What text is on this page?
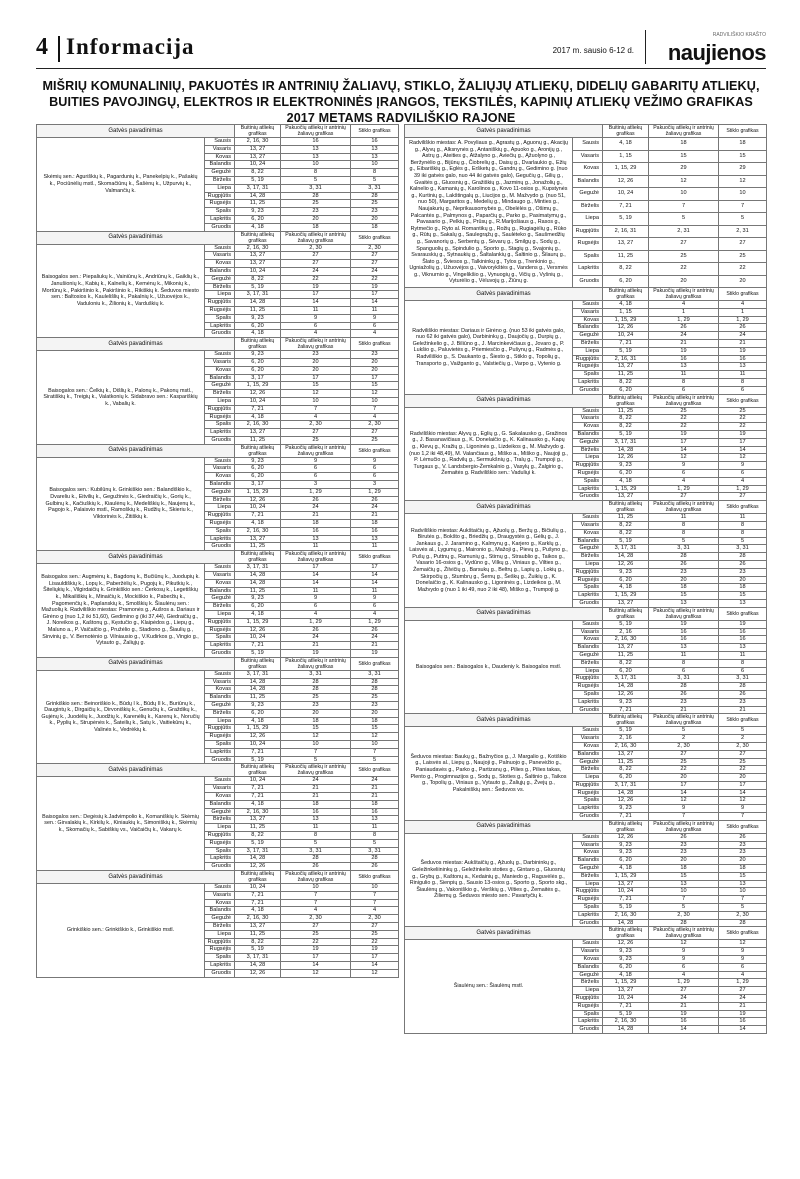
4 Informacija	2017 m. sausio 6-12 d.
RADVILIŠKIO KRAŠTO
naujienos
MIŠRIŲ KOMUNALINIŲ, PAKUOTĖS IR ANTRINIŲ ŽALIAVŲ, STIKLO, ŽALIŲJŲ ATLIEKŲ, DIDELIŲ GABARITŲ ATLIEKŲ, BUITIES PAVOJINGŲ, ELEKTROS IR ELEKTRONINĖS ĮRANGOS, TEKSTILĖS, KAPINIŲ ATLIEKŲ VEŽIMO GRAFIKAS 2017 METAMS RADVILIŠKIO RAJONE
Gatvės pavadinimas		Buitinių atliekų grafikas	Pakuočių atliekų ir antrinių žaliavų grafikas	Stiklo grafikas
Skėmių sen.: Aguriškių k., Pagardunių k., Panekelpių k., Pašakių k., Pociūnėlių mstl., Skomačiūnų k., Šašėnų k., Užpurvių k., Valmančių k.	Sausis	2, 16, 30	16	16
	Vasaris	13, 27	13	13
	Kovas	13, 27	13	13
	Balandis	10, 24	10	10
	Gegužė	8, 22	8	8
	Birželis	5, 19	5	5
	Liepa	3, 17, 31	3, 31	3, 31
	Rugpjūtis	14, 28	28	28
	Rugsėjis	11, 25	25	25
	Spalis	9, 23	23	23
	Lapkritis	6, 20	20	20
	Gruodis	4, 18	18	18
Gatvės pavadinimas		Buitinių atliekų grafikas	Pakuočių atliekų ir antrinių žaliavų grafikas	Stiklo grafikas
Baisogalos sen.: Piepaliukų k., Vainiūnų k., Andriūnų k., Gaiklių k., Janušionių k., Kabių k., Kalnelių k., Kemėnų k., Mikonių k., Mortūnų k., Pakiršinio k., Pakiršinio k., Rikiškių k. Šeduvos miesto sen.: Baltosios k., Kaulelišlių k., Pakalnių k., Užuovėjos k., Vaduloniu k., Žilionių k., Varduškių k.	Sausis	2, 16, 30	2, 30	2, 30
	Vasaris	13, 27	27	27
	Kovas	13, 27	27	27
	Balandis	10, 24	24	24
	Gegužė	8, 22	22	22
	Birželis	5, 19	19	19
	Liepa	3, 17, 31	17	17
	Rugpjūtis	14, 28	14	14
	Rugsėjis	11, 25	11	11
	Spalis	9, 23	9	9
	Lapkritis	6, 20	6	6
	Gruodis	4, 18	4	4
Gatvės pavadinimas		Buitinių atliekų grafikas	Pakuočių atliekų ir antrinių žaliavų grafikas	Stiklo grafikas
Baisogalos sen.: Čelkių k., Dišlių k., Palonų k., Pakonų mstl., Siratiškių k., Treigių k., Valatkonių k. Sidabravo sen.: Kaspariškių k., Vabalių k.	Sausis	9, 23	23	23
	Vasaris	6, 20	20	20
	Kovas	6, 20	20	20
	Balandis	3, 17	17	17
	Gegužė	1, 15, 29	15	15
	Birželis	12, 26	12	12
	Liepa	10, 24	10	10
	Rugpjūtis	7, 21	7	7
	Rugsėjis	4, 18	4	4
	Spalis	2, 16, 30	2, 30	2, 30
	Lapkritis	13, 27	27	27
	Gruodis	11, 25	25	25
Gatvės pavadinimas		Buitinių atliekų grafikas	Pakuočių atliekų ir antrinių žaliavų grafikas	Stiklo grafikas
Baisogalos sen.: Kubilūnų k. Grinkiškio sen.: Balandiškio k., Dvareliu k., Eitvilių k., Gegužinės k., Giedraičių k., Gorių k., Gulbinų k., Kačiuškių k., Kiaulėnų k., Medeliškių k., Naujenų k., Pagojo k., Palaisvio mstl., Ramoškių k., Rudžių k., Skieriu k., Viktorinės k., Žitiškių k.	Sausis	9, 23	9	9
	Vasaris	6, 20	6	6
	Kovas	6, 20	6	6
	Balandis	3, 17	3	3
	Gegužė	1, 15, 29	1, 29	1, 29
	Birželis	12, 26	26	26
	Liepa	10, 24	24	24
	Rugpjūtis	7, 21	21	21
	Rugsėjis	4, 18	18	18
	Spalis	2, 16, 30	16	16
	Lapkritis	13, 27	13	13
	Gruodis	11, 25	11	11
Gatvės pavadinimas		Buitinių atliekų grafikas	Pakuočių atliekų ir antrinių žaliavų grafikas	Stiklo grafikas
Baisogalos sen.: Augmėnų k., Bagdonų k., Bučiūnų k., Juodupių k. Lisauldiškių k., Lopų k., Paberžėlių k., Pugojų k., Pikutkių k., Šiteliųkių k., Vilgirdaičių k. Grinkiškio sen.: Čerkosų k., Legetiškių k., Mikailiškių k., Minaičių k., Mockiškio k., Paberžių k., Pagomenčių k., Paplanskių k., Smolškių k. Šiaulėnų sen.: Mažuolių k. Radviliškio miestas: Pramonės g., Aušros a. Dariaus ir Girėno g (nuo 1,2 iki 51,60), Gedimino g (iki 37,44), Giedraičių g., J. Noreikos g., Kaštonų g., Kęstučio g., Klaipėdos g., Liepų g., Maluno a., P. Vaičaičio g., Pružėlio g., Stadiono g., Šiaulių g., Sinvinių g., V. Bernotėnio g. Vilniausio g., V.Kudirkos g., Vingio g., Vytauto g., Žaliųjų g.	Sausis	3, 17, 31	17	17
	Vasaris	14, 28	14	14
	Kovas	14, 28	14	14
	Balandis	11, 25	11	11
	Gegužė	9, 23	9	9
	Birželis	6, 20	6	6
	Liepa	4, 18	4	4
	Rugpjūtis	1, 15, 29	1, 29	1, 29
	Rugsėjis	12, 26	26	26
	Spalis	10, 24	24	24
	Lapkritis	7, 21	21	21
	Gruodis	5, 19	19	19
Gatvės pavadinimas		Buitinių atliekų grafikas	Pakuočių atliekų ir antrinių žaliavų grafikas	Stiklo grafikas
Grinkiškio sen.: Beinoriškio k., Būdų I k., Būdų II k., Buriūnų k., Daugintų k., Dirgaičių k., Dirvoniškių k., Genučių k., Graždikų k., Gujėnų k., Juodėlių k., Juodžių k., Karenėlių k., Karenų k., Noručių k., Pyplių k., Strupėnės k., Šateilių k., Satų k., Vaitiekūnų k., Valinės k., Vedrėkių k.	Sausis	3, 17, 31	3, 31	3, 31
	Vasaris	14, 28	28	28
	Kovas	14, 28	28	28
	Balandis	11, 25	25	25
	Gegužė	9, 23	23	23
	Birželis	6, 20	20	20
	Liepa	4, 18	18	18
	Rugpjūtis	1, 15, 29	15	15
	Rugsėjis	12, 26	12	12
	Spalis	10, 24	10	10
	Lapkritis	7, 21	7	7
	Gruodis	5, 19	5	5
Gatvės pavadinimas		Buitinių atliekų grafikas	Pakuočių atliekų ir antrinių žaliavų grafikas	Stiklo grafikas
Baisogalos sen.: Degėsių k.Jadvimpolio k., Komaniškių k. Skėmių sen.: Girvalakių k., Kirkilų k., Kiniaukių k., Simoniškių k., Skėmių k., Skomačių k., Sabiškių vs., Vaičaičių k., Vakarų k.	Sausis	10, 24	24	24
	Vasaris	7, 21	21	21
	Kovas	7, 21	21	21
	Balandis	4, 18	18	18
	Gegužė	2, 16, 30	16	16
	Birželis	13, 27	13	13
	Liepa	11, 25	11	11
	Rugpjūtis	8, 22	8	8
	Rugsėjis	5, 19	5	5
	Spalis	3, 17, 31	3, 31	3, 31
	Lapkritis	14, 28	28	28
	Gruodis	12, 26	26	26
Gatvės pavadinimas		Buitinių atliekų grafikas	Pakuočių atliekų ir antrinių žaliavų grafikas	Stiklo grafikas
Grinkiškio sen.: Grinkiškio k., Grinkiškio mstl.	Sausis	10, 24	10	10
	Vasaris	7, 21	7	7
	Kovas	7, 21	7	7
	Balandis	4, 18	4	4
	Gegužė	2, 16, 30	2, 30	2, 30
	Birželis	13, 27	27	27
	Liepa	11, 25	25	25
	Rugpjūtis	8, 22	22	22
	Rugsėjis	5, 19	19	19
	Spalis	3, 17, 31	17	17
	Lapkritis	14, 28	14	14
	Gruodis	12, 26	12	12
Gatvės pavadinimas		Buitinių atliekų grafikas	Pakuočių atliekų ir antrinių žaliavų grafikas	Stiklo grafikas
Radviliškio miestas: A. Povyliaus g., Agrastų g., Aguonų g., Akacijų g., Alyvų g., Alksnynės g., Antaniškių g., Apuoko g., Aronijų g., Astrų g., Ateities g., Atžalyno g., Aviečių g., Ąžuolyno g., Beržynėlio g., Bijūnų g., Čiobrelių g., Daisų g., Dvarlaukio g., Ežių g., Eibariškių g., Eglės g., Eršketų g., Gandrų g., Gedimino g. (nuo 39 iki gatvės galo, nuo 44 iki gatvės galo), Gegučių g., Gilių g., Gvaitės g., Gluosnių g., Gražiškių g., Jazminų g., Jonažolių g., Kalnelio g., Kamanių g., Karolinos g., Kovo 11-osios g., Kupstynės g., Kurtinių g., Lakštingalų g., Liucijos g., M. Mažvydo g. (nuo 51, nuo 50), Margaritos g., Medelių g., Mindaugo g., Minties g., Naujakurių g., Neprikausomybės g., Obelėlės g., Ošimų g., Palcantės g., Palmynos g., Paparčių g., Parko g., Pasimatymų g., Pavasario g., Pelkių g., Prūsų g., R.Marijošiaus g., Rasos g., Rytmečio g., Ryto al. Romantikų g., Rožių g., Rugiagėlių g., Rūko g., Rūtų g., Sakalų g., Saulegrąžų g., Saulėteko g., Saušmedžių g., Savanorių g., Serbentų g., Sėvarų g., Smilgų g., Sodų g., Spanguolių g., Spindulio g., Sporto g., Stagių g., Svajonių g., Svarauskių g., Sytnaukių g., Šaltalankių g., Šaltinio g., Šilaurų g., Šlato g., Šviesos g., Talkininkų g., Tylos g., Trenkinio g., Ugniažolių g., Užuovėjos g., Vaivorykštės g., Vandens g., Versmės g., Viknurnio g., Vingelikšio g., Vynuogių g., Vičių g., Vyšnių g., Vyturėlio g., Vėluvojų g., Žiūnų g.	Sausis	4, 18	18	18
	Vasaris	1, 15	15	15
	Kovas	1, 15, 29	29	29
	Balandis	12, 26	12	12
	Gegužė	10, 24	10	10
	Birželis	7, 21	7	7
	Liepa	5, 19	5	5
	Rugpjūtis	2, 16, 31	2, 31	2, 31
	Rugsėjis	13, 27	27	27
	Spalis	11, 25	25	25
	Lapkritis	8, 22	22	22
	Gruodis	6, 20	20	20
Gatvės pavadinimas		Buitinių atliekų grafikas	Pakuočių atliekų ir antrinių žaliavų grafikas	Stiklo grafikas
Radviliškio miestas: Dariaus ir Girėno g. (nuo 53 iki gatvės galo, nuo 62 iki gatvės galo), Darbininkų g., Daujočių g., Durpių g., Geležinkelio g., J. Biliūno g., J. Marcinkevičiaus g., Jovaro g., P. Lukšio g., Paluvietės g., Priemiesčio g., Pušynų g., Radmės g., Radviliškio g., S. Daukanto g., Šiesto g., Stiklo g., Topolių g., Transporto g., Vaižganto g., Valstiečių g., Varpo g., Vytenio g.	Sausis	4, 18	4	4
	Vasaris	1, 15	1	1
	Kovas	1, 15, 29	1, 29	1, 29
	Balandis	12, 26	26	26
	Gegužė	10, 24	24	24
	Birželis	7, 21	21	21
	Liepa	5, 19	19	19
	Rugpjūtis	2, 16, 31	16	16
	Rugsėjis	13, 27	13	13
	Spalis	11, 25	11	11
	Lapkritis	8, 22	8	8
	Gruodis	6, 20	6	6
Gatvės pavadinimas		Buitinių atliekų grafikas	Pakuočių atliekų ir antrinių žaliavų grafikas	Stiklo grafikas
Radviliškio miestas: Alyvų g., Eglių g., G. Sakalausko g., Gražinos g., J. Basanavičiaus g., K. Donelaičio g., K. Kalinausko g., Kapų g., Klevų g., Kražių g., Ligoninės g., Lizdeikos g., M. Mažvydo g. (nuo 1,2 iki 48,49), M. Valančiaus g., Miško a., Miško g., Naujoji g., P. Lėmučio g., Radvilų g., Sermukšnių g., Tralų g., Trumpoji g., Turgaus g., V. Landsbergio-Žemkalnio g., Vasylų g., Žalgirio g., Žemaitės g. Radviliškio sen.: Vaduliųi k.	Sausis	11, 25	25	25
	Vasaris	8, 22	22	22
	Kovas	8, 22	22	22
	Balandis	5, 19	19	19
	Gegužė	3, 17, 31	17	17
	Birželis	14, 28	14	14
	Liepa	12, 26	12	12
	Rugpjūtis	9, 23	9	9
	Rugsėjis	6, 20	6	6
	Spalis	4, 18	4	4
	Lapkritis	1, 15, 29	1, 29	1, 29
	Gruodis	13, 27	27	27
Gatvės pavadinimas		Buitinių atliekų grafikas	Pakuočių atliekų ir antrinių žaliavų grafikas	Stiklo grafikas
Radviliškio miestas: Aukštaičių g., Ąžuolų g., Beržų g., Bičiulių g., Birutės g., Bokšto g., Briedžių g., Draugystės g., Gėlių g., J. Jankaus g., J. Jaramino g., Kalmynų g., Karjero g., Karklų g., Laisvės al., Lygumų g., Maironio g., Mažoji g., Pievų g., Pušyno g., Pušų g., Puttnų g., Ramunių g., Stirnų g., Straublio g., Taikos g., Vasario 16-osios g., Vydūno g., Vilkų g., Viniaus g., Vilties g., Žemaičių g., Žilvičių g., Barsukų g., Beltrų g., Lapių g., Lokių g., Skirpočių g., Stumbrų g., Šernų g., Šeškų g., Žuikių g., K. Donelaičio g., K. Kalinausko g., Ligoninės g., Lizdeikos g., M. Mažvydo g (nuo 1 iki 49, nuo 2 iki 48), Miško g., Trumpoji g.	Sausis	11, 25	11	11
	Vasaris	8, 22	8	8
	Kovas	8, 22	8	8
	Balandis	5, 19	5	5
	Gegužė	3, 17, 31	3, 31	3, 31
	Birželis	14, 28	28	28
	Liepa	12, 26	26	26
	Rugpjūtis	9, 23	23	23
	Rugsėjis	6, 20	20	20
	Spalis	4, 18	18	18
	Lapkritis	1, 15, 29	15	15
	Gruodis	13, 27	13	13
Gatvės pavadinimas		Buitinių atliekų grafikas	Pakuočių atliekų ir antrinių žaliavų grafikas	Stiklo grafikas
Baisogalos sen.: Baisogalos k., Daudeniy k. Baisogalos mstl.	Sausis	5, 19	19	19
	Vasaris	2, 16	16	16
	Kovas	2, 16, 30	16	16
	Balandis	13, 27	13	13
	Gegužė	11, 25	11	11
	Birželis	8, 22	8	8
	Liepa	6, 20	6	6
	Rugpjūtis	3, 17, 31	3, 31	3, 31
	Rugsėjis	14, 28	28	28
	Spalis	12, 26	26	26
	Lapkritis	9, 23	23	23
	Gruodis	7, 21	21	21
Gatvės pavadinimas		Buitinių atliekų grafikas	Pakuočių atliekų ir antrinių žaliavų grafikas	Stiklo grafikas
Šeduvos miestas: Baukų g., Bažnyčios g., J. Margalio g., Kotiškio g., Laisvės al., Liepų g., Naujoji g., Palnuojo g., Panevėžio g., Paniaudavės g., Parko g., Partizanų g., Pilies g., Pilies takas, Plento g., Progimnazijos g., Sodų g., Stoties g., Šaltinio g., Taikos g., Topolių g., Viniaus g., Vytauto g., Žaliųjų g., Žvejų g., Pakalniškių sen.: Šeduvos vs.	Sausis	5, 19	5	5
	Vasaris	2, 16	2	2
	Kovas	2, 16, 30	2, 30	2, 30
	Balandis	13, 27	27	27
	Gegužė	11, 25	25	25
	Birželis	8, 22	22	22
	Liepa	6, 20	20	20
	Rugpjūtis	3, 17, 31	17	17
	Rugsėjis	14, 28	14	14
	Spalis	12, 26	12	12
	Lapkritis	9, 23	9	9
	Gruodis	7, 21	7	7
Gatvės pavadinimas		Buitinių atliekų grafikas	Pakuočių atliekų ir antrinių žaliavų grafikas	Stiklo grafikas
Šeduvos miestas: Aukštaičių g., Ąžuolų g., Darbininkų g., Geležinkeliininkų g., Geležinkelio stoties g., Gintaro g., Gluosnių g., Grybų g., Kaštonų a., Kedainių g., Maniedo g., Raguvėlės g., Rinigulio g., Sienpių g., Sausio 13-osios g., Sporto g., Sporto skg., Šiaulėnų g., Vakoniškio g., Verškių g., Vilties g., Žemaitės g., Žiliemų g. Šeduvos miesto sen.: Pavartyčių k.	Sausis	12, 26	26	26
	Vasaris	9, 23	23	23
	Kovas	9, 23	23	23
	Balandis	6, 20	20	20
	Gegužė	4, 18	18	18
	Birželis	1, 15, 29	15	15
	Liepa	13, 27	13	13
	Rugpjūtis	10, 24	10	10
	Rugsėjis	7, 21	7	7
	Spalis	5, 19	5	5
	Lapkritis	2, 16, 30	2, 30	2, 30
	Gruodis	14, 28	28	28
Gatvės pavadinimas		Buitinių atliekų grafikas	Pakuočių atliekų ir antrinių žaliavų grafikas	Stiklo grafikas
Šiaulėnų sen.: Šiaulėnų mstl.	Sausis	12, 26	12	12
	Vasaris	9, 23	9	9
	Kovas	9, 23	9	9
	Balandis	6, 20	6	6
	Gegužė	4, 18	4	4
	Birželis	1, 15, 29	1, 29	1, 29
	Liepa	13, 27	27	27
	Rugpjūtis	10, 24	24	24
	Rugsėjis	7, 21	21	21
	Spalis	5, 19	19	19
	Lapkritis	2, 16, 30	16	16
	Gruodis	14, 28	14	14
